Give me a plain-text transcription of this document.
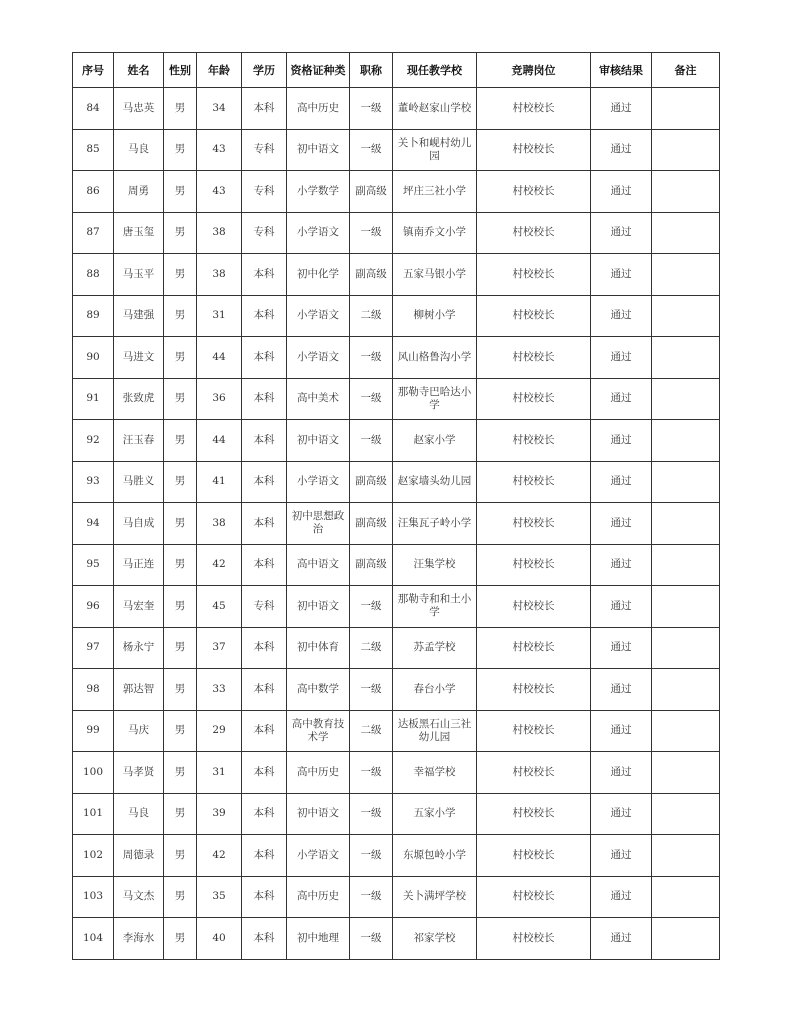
序号	姓名	性别	年龄	学历	资格证种类	职称	现任教学校	竞聘岗位	审核结果	备注
84	马忠英	男	34	本科	高中历史	一级	董岭赵家山学校	村校校长	通过	
85	马良	男	43	专科	初中语文	一级	关卜和岘村幼儿园	村校校长	通过	
86	周勇	男	43	专科	小学数学	副高级	坪庄三社小学	村校校长	通过	
87	唐玉玺	男	38	专科	小学语文	一级	镇南乔文小学	村校校长	通过	
88	马玉平	男	38	本科	初中化学	副高级	五家马银小学	村校校长	通过	
89	马建强	男	31	本科	小学语文	二级	柳树小学	村校校长	通过	
90	马进文	男	44	本科	小学语文	一级	风山格鲁沟小学	村校校长	通过	
91	张致虎	男	36	本科	高中美术	一级	那勒寺巴哈达小学	村校校长	通过	
92	汪玉春	男	44	本科	初中语文	一级	赵家小学	村校校长	通过	
93	马胜义	男	41	本科	小学语文	副高级	赵家墙头幼儿园	村校校长	通过	
94	马自成	男	38	本科	初中思想政治	副高级	汪集瓦子岭小学	村校校长	通过	
95	马正连	男	42	本科	高中语文	副高级	汪集学校	村校校长	通过	
96	马宏奎	男	45	专科	初中语文	一级	那勒寺和和土小学	村校校长	通过	
97	杨永宁	男	37	本科	初中体育	二级	苏孟学校	村校校长	通过	
98	郭达智	男	33	本科	高中数学	一级	春台小学	村校校长	通过	
99	马庆	男	29	本科	高中教育技术学	二级	达板黑石山三社幼儿园	村校校长	通过	
100	马孝贤	男	31	本科	高中历史	一级	幸福学校	村校校长	通过	
101	马良	男	39	本科	初中语文	一级	五家小学	村校校长	通过	
102	周德录	男	42	本科	小学语文	一级	东塬包岭小学	村校校长	通过	
103	马文杰	男	35	本科	高中历史	一级	关卜满坪学校	村校校长	通过	
104	李海水	男	40	本科	初中地理	一级	祁家学校	村校校长	通过	
